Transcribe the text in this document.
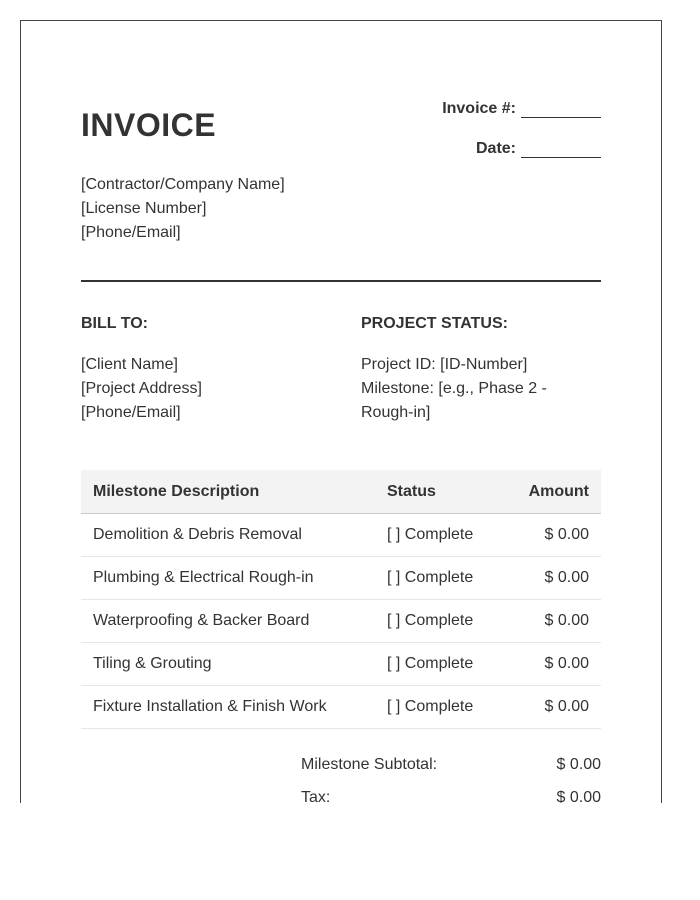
INVOICE	Invoice #:
Date:
[Contractor/Company Name]
[License Number]
[Phone/Email]
BILL TO:	PROJECT STATUS:
[Client Name]
[Project Address]
[Phone/Email]
Project ID: [ID-Number]
Milestone: [e.g., Phase 2 -
Rough-in]
Milestone Description	Status	Amount
Demolition & Debris Removal	[ ] Complete	$ 0.00
Plumbing & Electrical Rough-in	[ ] Complete	$ 0.00
Waterproofing & Backer Board	[ ] Complete	$ 0.00
Tiling & Grouting	[ ] Complete	$ 0.00
Fixture Installation & Finish Work	[ ] Complete	$ 0.00
Milestone Subtotal:	$ 0.00
Tax:	$ 0.00
